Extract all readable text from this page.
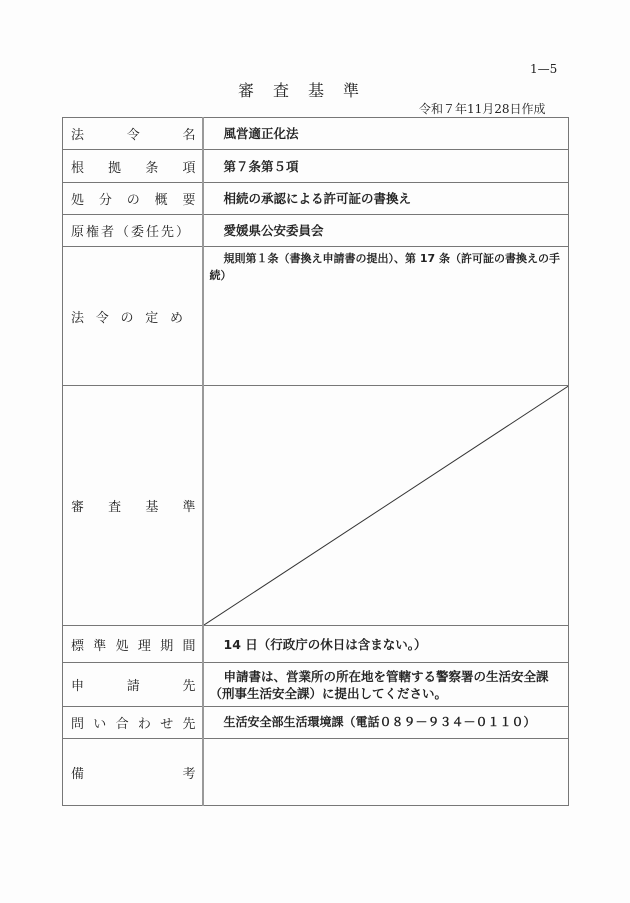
1—5
審査基準
令和７年11月28日作成
法 令 名	風営適正化法

根 拠 条 項	第７条第５項

処 分 の 概 要	相続の承認による許可証の書換え

原権者（委任先）	愛媛県公安委員会

法 令 の 定 め	規則第１条（書換え申請書の提出）、第 17 条（許可証の書換えの手続）

審 査 基 準

標 準 処 理 期 間	14 日（行政庁の休日は含まない。）

申 請 先	申請書は、営業所の所在地を管轄する警察署の生活安全課（刑事生活安全課）に提出してください。

問 い 合 わ せ 先	生活安全部生活環境課（電話０８９－９３４－０１１０）

備 考	
